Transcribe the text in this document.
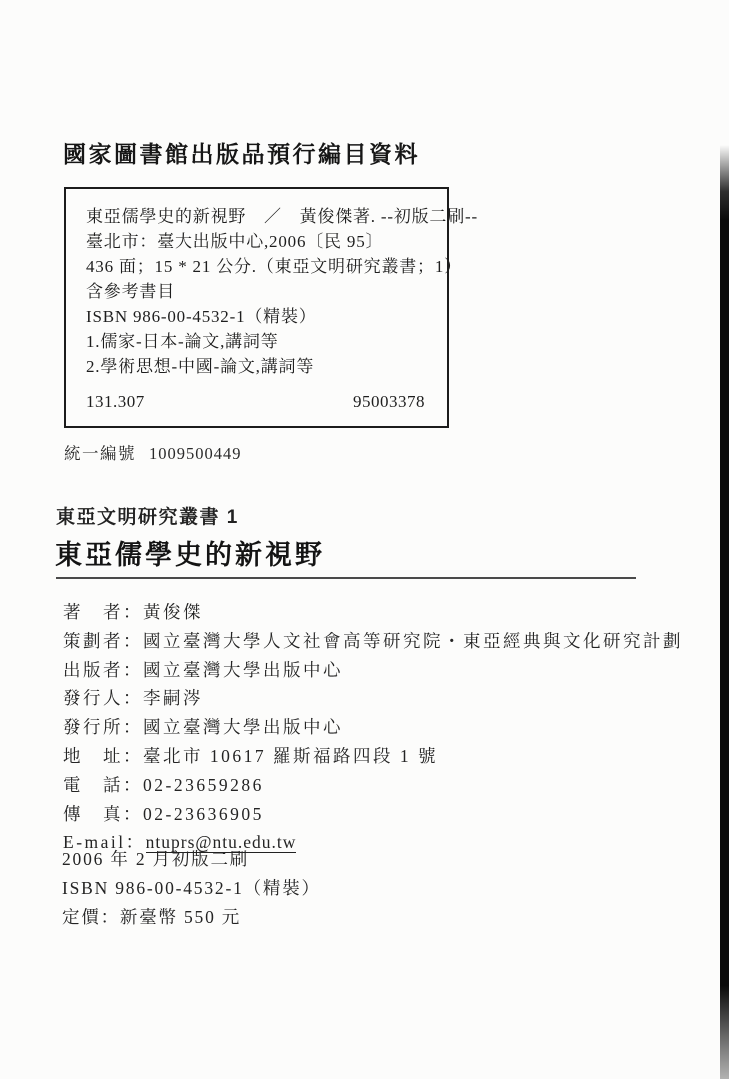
國家圖書館出版品預行編目資料
東亞儒學史的新視野　／　黃俊傑著. --初版二刷--
臺北市：臺大出版中心,2006〔民 95〕
436 面；15 * 21 公分.（東亞文明研究叢書；1）
含參考書目
ISBN 986-00-4532-1（精裝）
1.儒家-日本-論文,講詞等
2.學術思想-中國-論文,講詞等
131.307	95003378
統一編號 1009500449
東亞文明研究叢書 1
東亞儒學史的新視野
著　者：黃俊傑
策劃者：國立臺灣大學人文社會高等研究院・東亞經典與文化研究計劃
出版者：國立臺灣大學出版中心
發行人：李嗣涔
發行所：國立臺灣大學出版中心
地　址：臺北市 10617 羅斯福路四段 1 號
電　話：02-23659286
傳　真：02-23636905
E-mail：ntuprs@ntu.edu.tw
2006 年 2 月初版二刷
ISBN 986-00-4532-1（精裝）
定價：新臺幣 550 元
